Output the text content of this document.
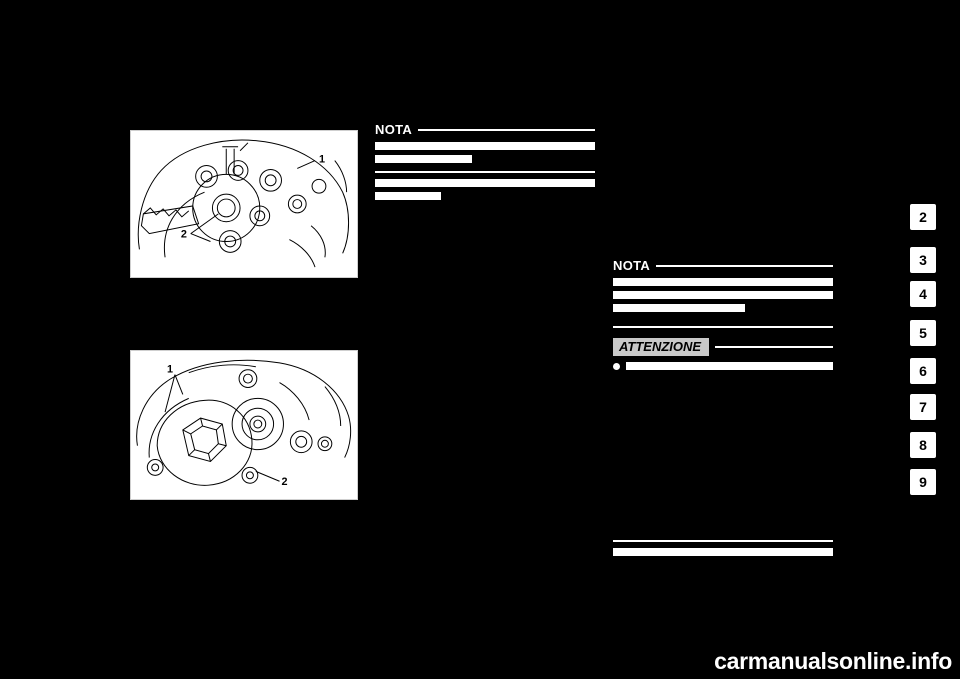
1
2
1
2
NOTA
NOTA
ATTENZIONE
2
3
4
5
6
7
8
9
carmanualsonline.info
